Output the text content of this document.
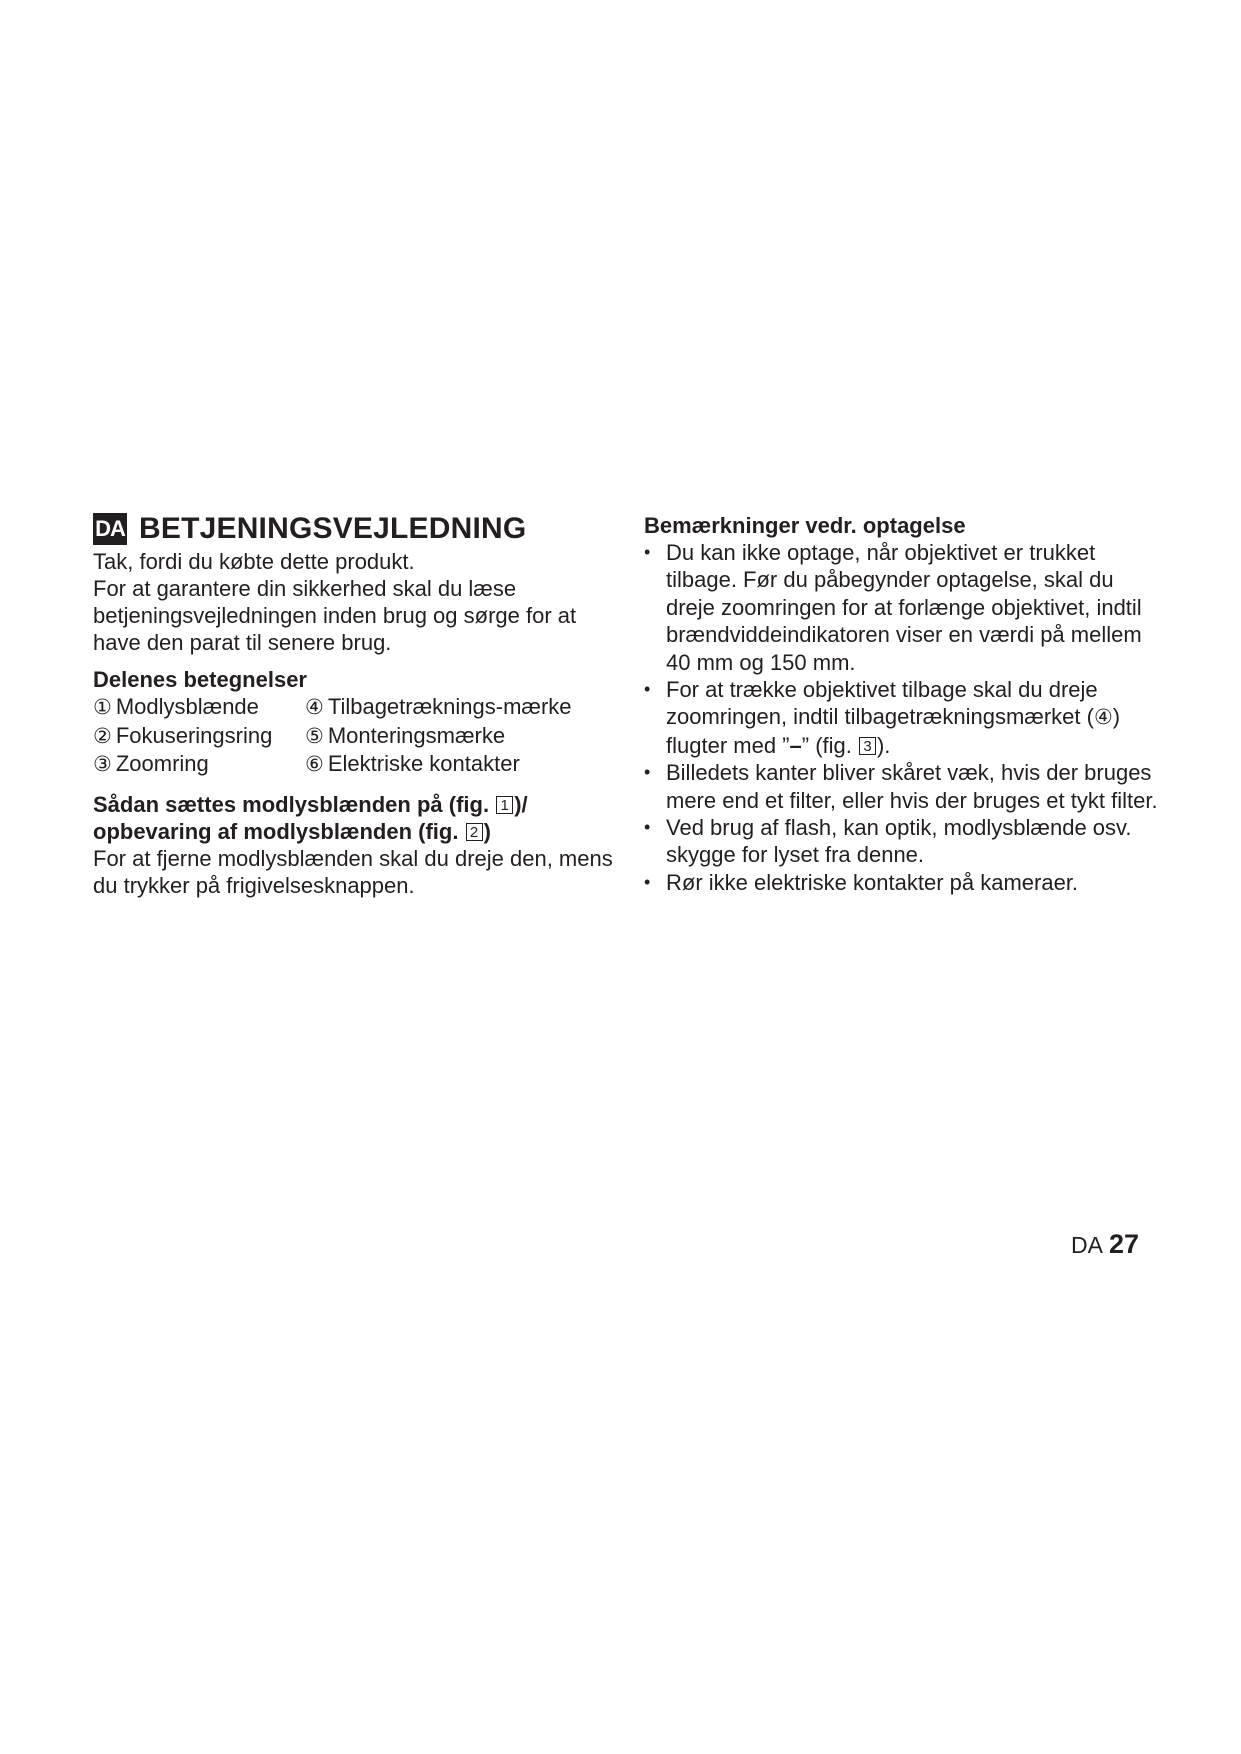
DA BETJENINGSVEJLEDNING

Tak, fordi du købte dette produkt.

For at garantere din sikkerhed skal du læse betjeningsvejledningen inden brug og sørge for at have den parat til senere brug.

Delenes betegnelser
① Modlysblænde	④ Tilbagetræknings-mærke
② Fokuseringsring	⑤ Monteringsmærke
③ Zoomring	⑥ Elektriske kontakter
Sådan sættes modlysblænden på (fig. 1 )/
opbevaring af modlysblænden (fig. 2 )

For at fjerne modlysblænden skal du dreje den, mens du trykker på frigivelsesknappen.

Bemærkninger vedr. optagelse
• Du kan ikke optage, når objektivet er trukket tilbage. Før du påbegynder optagelse, skal du dreje zoomringen for at forlænge objektivet, indtil brændviddeindikatoren viser en værdi på mellem 40 mm og 150 mm.
• For at trække objektivet tilbage skal du dreje zoomringen, indtil tilbagetrækningsmærket (④) flugter med ”–” (fig. 3 ).
• Billedets kanter bliver skåret væk, hvis der bruges mere end et filter, eller hvis der bruges et tykt filter.
• Ved brug af flash, kan optik, modlysblænde osv. skygge for lyset fra denne.
• Rør ikke elektriske kontakter på kameraer.
DA 27
